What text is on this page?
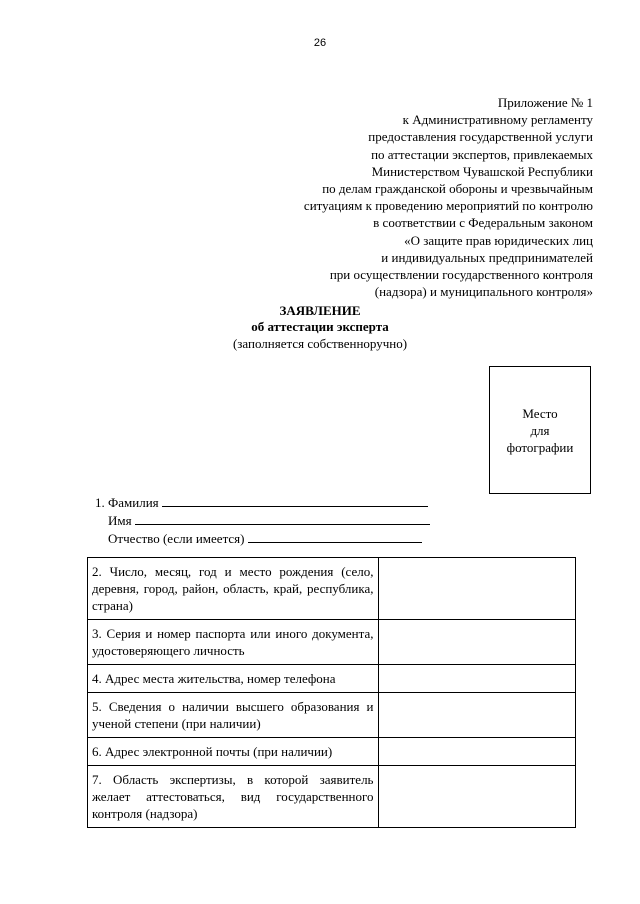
26
Приложение № 1
к Административному регламенту
предоставления государственной услуги
по аттестации экспертов, привлекаемых
Министерством Чувашской Республики
по делам гражданской обороны и чрезвычайным
ситуациям к проведению мероприятий по контролю
в соответствии с Федеральным законом
«О защите прав юридических лиц
и индивидуальных предпринимателей
при осуществлении государственного контроля
(надзора) и муниципального контроля»
ЗАЯВЛЕНИЕ
об аттестации эксперта
(заполняется собственноручно)
Место
для
фотографии
1. Фамилия
Имя
Отчество (если имеется)
2. Число, месяц, год и место рождения (село, деревня, город, район, область, край, республика, страна)	
3. Серия и номер паспорта или иного документа, удостоверяющего личность	
4. Адрес места жительства, номер телефона	
5. Сведения о наличии высшего образования и ученой степени (при наличии)	
6. Адрес электронной почты (при наличии)	
7. Область экспертизы, в которой заявитель желает аттестоваться, вид государственного контроля (надзора)	
